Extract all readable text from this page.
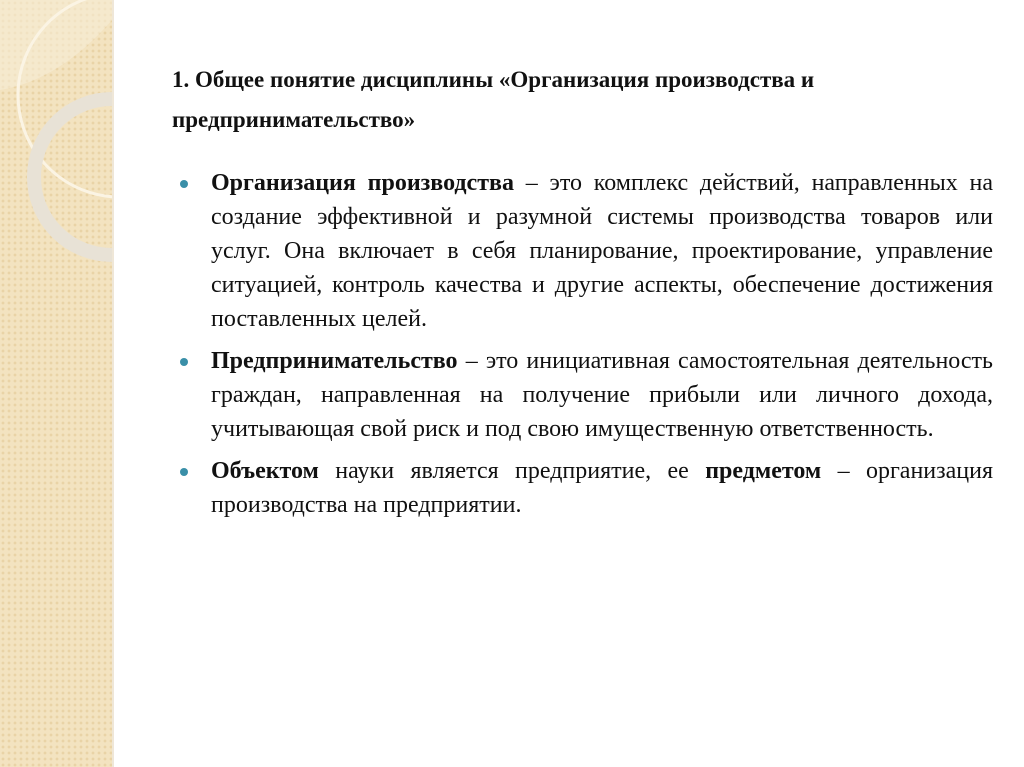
1. Общее понятие дисциплины «Организация производства и предпринимательство»
Организация производства – это комплекс действий, направленных на создание эффективной и разумной системы производства товаров или услуг. Она включает в себя планирование, проектирование, управление ситуацией, контроль качества и другие аспекты, обеспечение достижения поставленных целей.
Предпринимательство – это инициативная самостоятельная деятельность граждан, направленная на получение прибыли или личного дохода, учитывающая свой риск и под свою имущественную ответственность.
Объектом науки является предприятие, ее предметом – организация производства на предприятии.
